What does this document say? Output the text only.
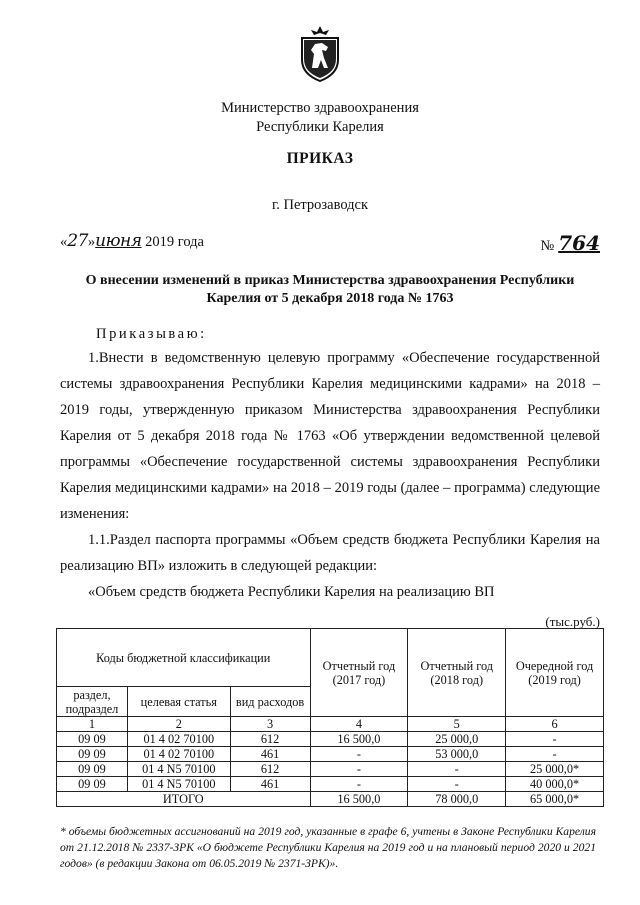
Министерство здравоохранения
Республики Карелия
ПРИКАЗ
г. Петрозаводск
«27»июня 2019 года	№ 764
О внесении изменений в приказ Министерства здравоохранения Республики Карелия от 5 декабря 2018 года № 1763
Приказываю:
1.Внести в ведомственную целевую программу «Обеспечение государственной системы здравоохранения Республики Карелия медицинскими кадрами» на 2018 – 2019 годы, утвержденную приказом Министерства здравоохранения Республики Карелия от 5 декабря 2018 года № 1763 «Об утверждении ведомственной целевой программы «Обеспечение государственной системы здравоохранения Республики Карелия медицинскими кадрами» на 2018 – 2019 годы (далее – программа) следующие изменения:
1.1.Раздел паспорта программы «Объем средств бюджета Республики Карелия на реализацию ВП» изложить в следующей редакции:
«Объем средств бюджета Республики Карелия на реализацию ВП
(тыс.руб.)
Коды бюджетной классификации			Отчетный год (2017 год)	Отчетный год (2018 год)	Очередной год (2019 год)
раздел, подраздел	целевая статья	вид расходов			
1	2	3	4	5	6
09 09	01 4 02 70100	612	16 500,0	25 000,0	-
09 09	01 4 02 70100	461	-	53 000,0	-
09 09	01 4 N5 70100	612	-	-	25 000,0*
09 09	01 4 N5 70100	461	-	-	40 000,0*
ИТОГО			16 500,0	78 000,0	65 000,0*
* объемы бюджетных ассигнований на 2019 год, указанные в графе 6, учтены в Законе Республики Карелия от 21.12.2018 № 2337-ЗРК «О бюджете Республики Карелия на 2019 год и на плановый период 2020 и 2021 годов» (в редакции Закона от 06.05.2019 № 2371-ЗРК)».
